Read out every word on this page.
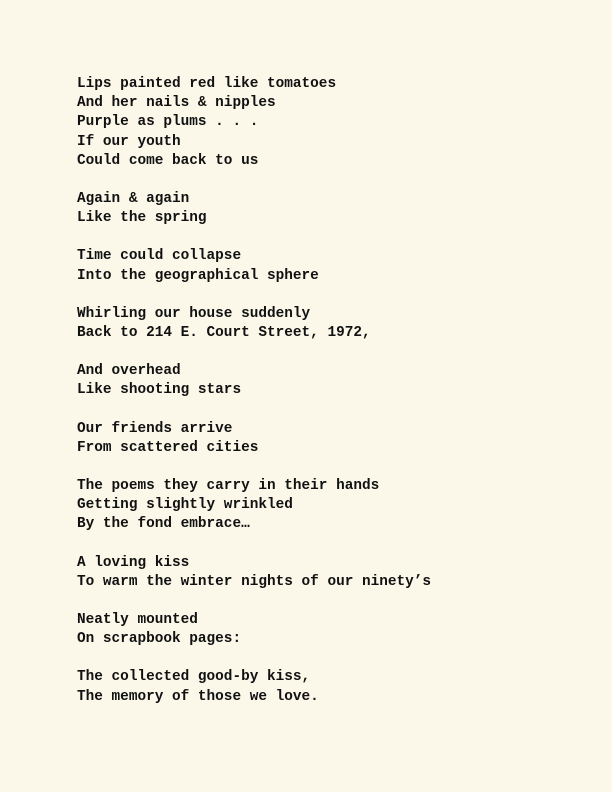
Lips painted red like tomatoes
And her nails & nipples
Purple as plums . . .
If our youth
Could come back to us
Again & again
Like the spring
Time could collapse
Into the geographical sphere
Whirling our house suddenly
Back to 214 E. Court Street, 1972,
And overhead
Like shooting stars
Our friends arrive
From scattered cities
The poems they carry in their hands
Getting slightly wrinkled
By the fond embrace…
A loving kiss
To warm the winter nights of our ninety’s
Neatly mounted
On scrapbook pages:
The collected good-by kiss,
The memory of those we love.
